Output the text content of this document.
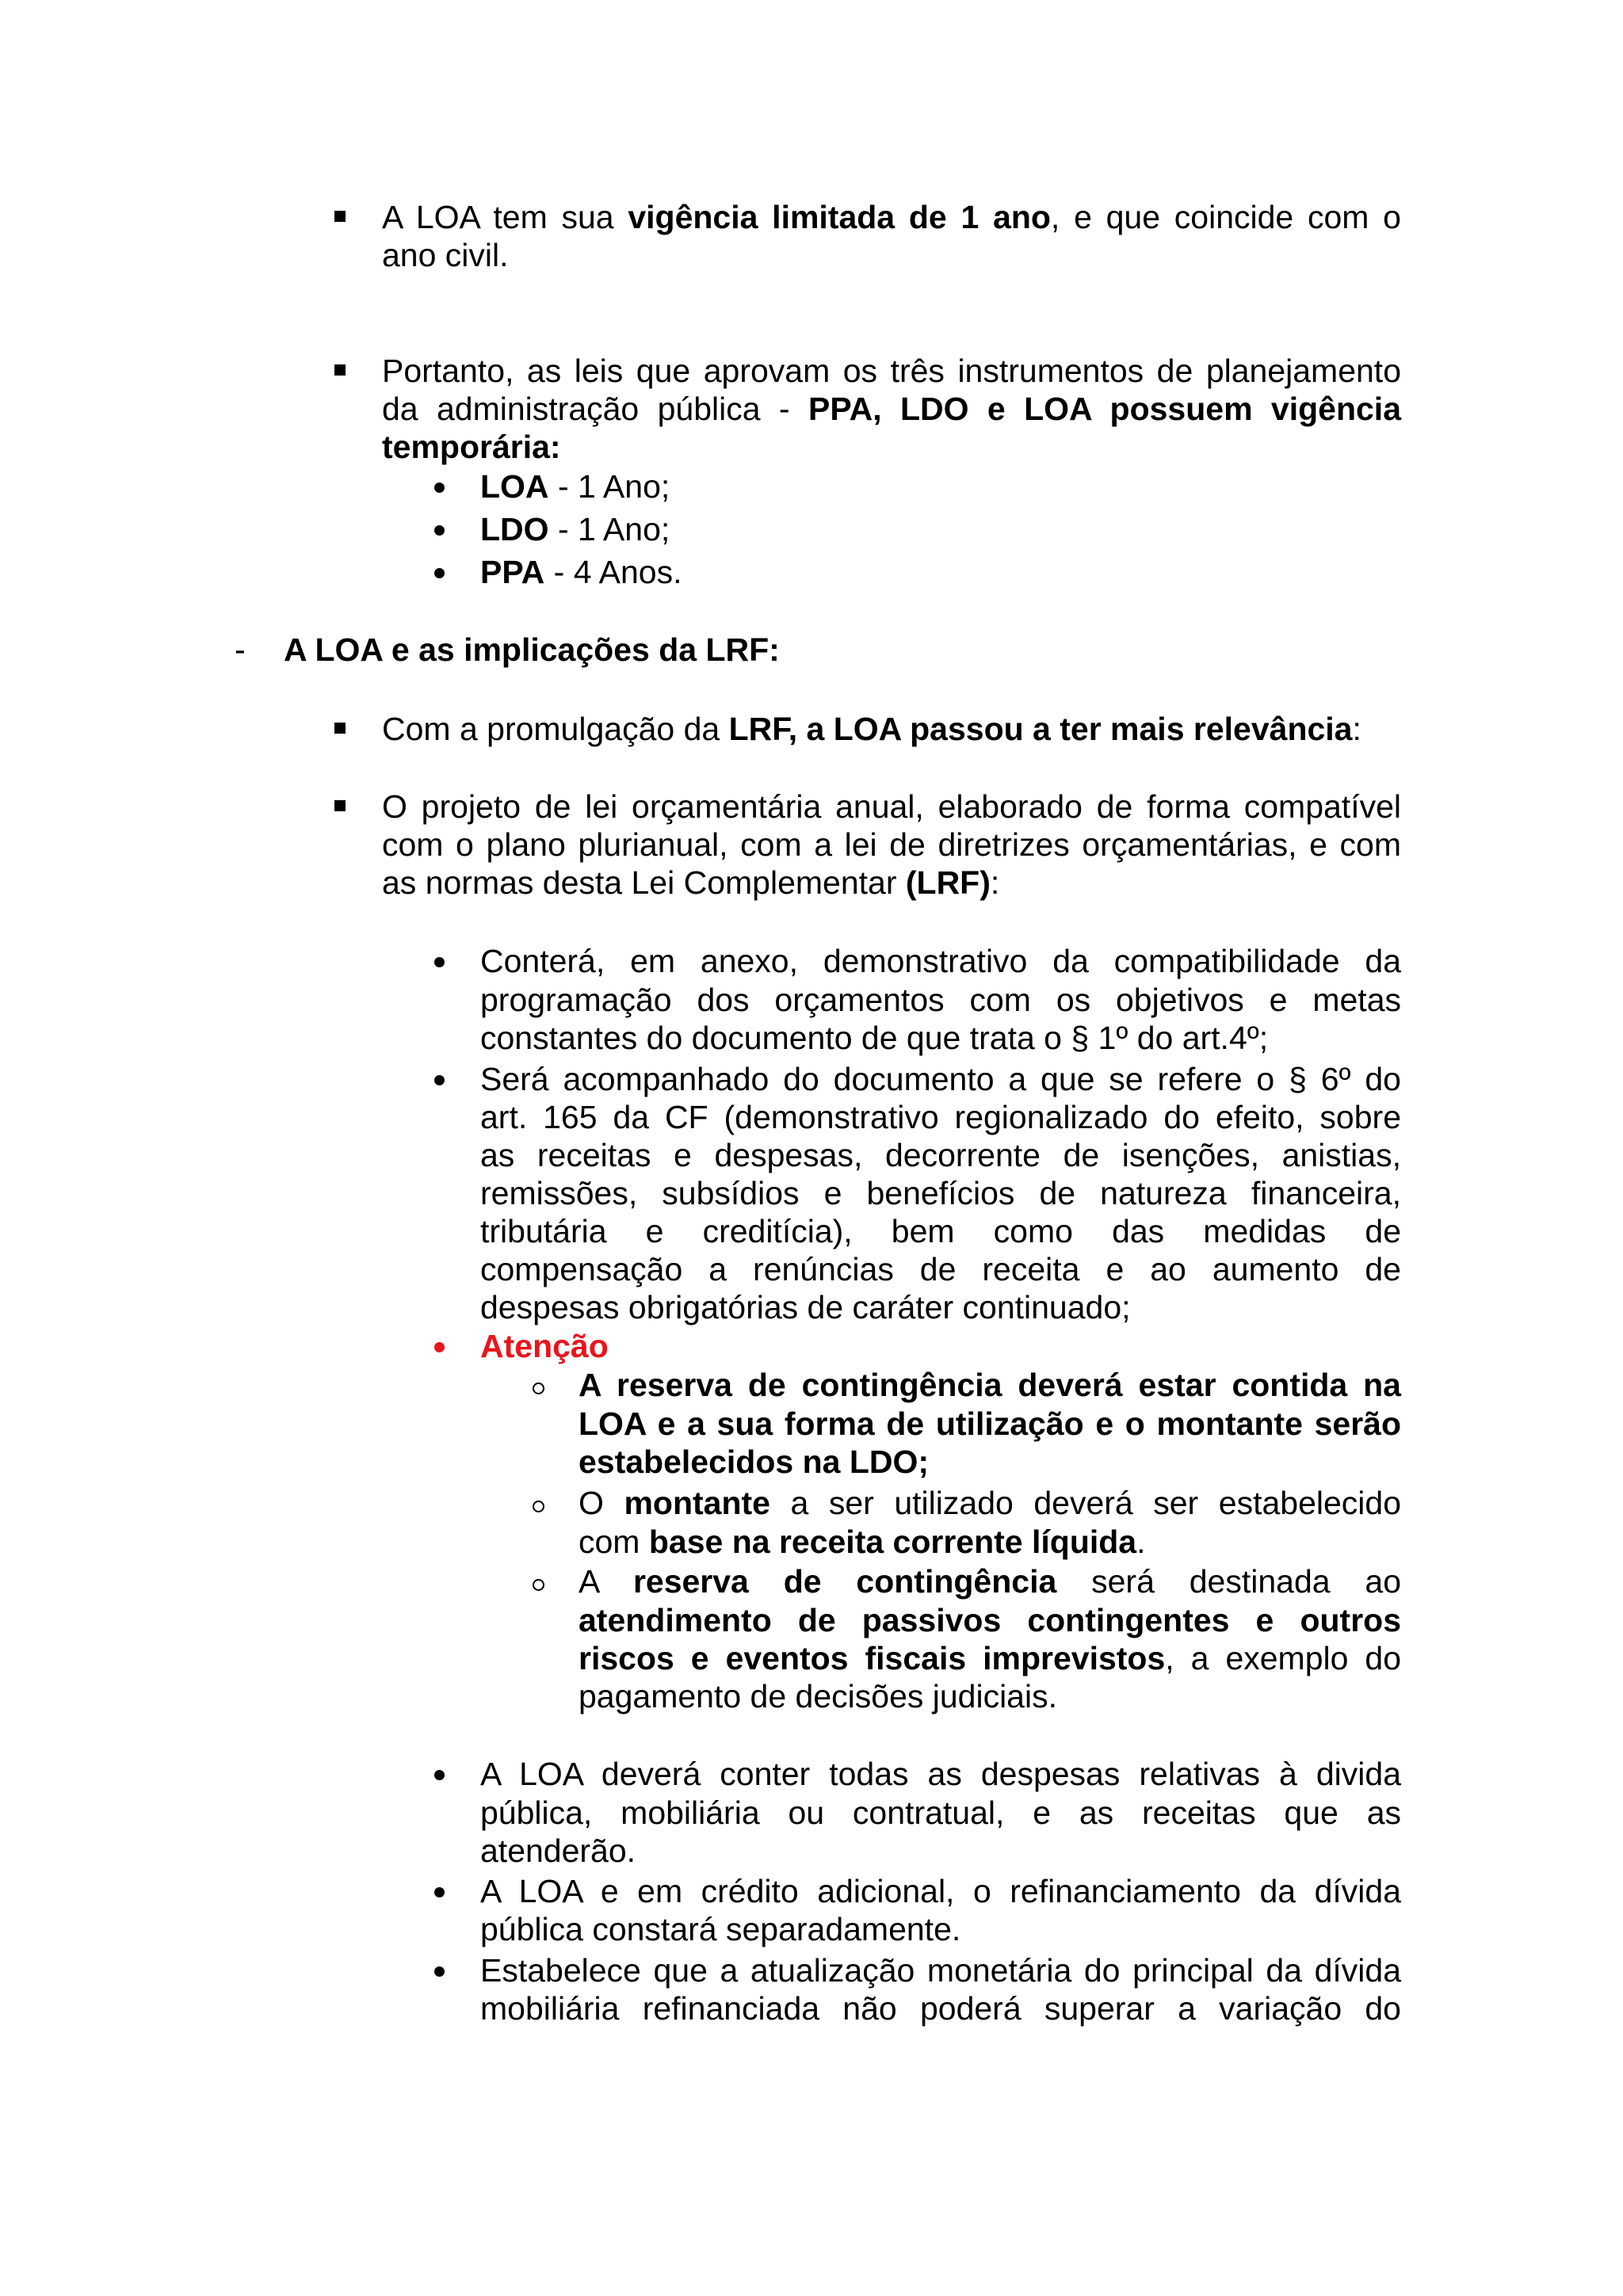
A LOA tem sua vigência limitada de 1 ano, e que coincide com o
ano civil.
Portanto, as leis que aprovam os três instrumentos de planejamento
da administração pública - PPA, LDO e LOA possuem vigência
temporária:
LOA - 1 Ano;
LDO - 1 Ano;
PPA - 4 Anos.
- A LOA e as implicações da LRF:
Com a promulgação da LRF, a LOA passou a ter mais relevância:
O projeto de lei orçamentária anual, elaborado de forma compatível
com o plano plurianual, com a lei de diretrizes orçamentárias, e com
as normas desta Lei Complementar (LRF):
Conterá, em anexo, demonstrativo da compatibilidade da
programação dos orçamentos com os objetivos e metas
constantes do documento de que trata o § 1º do art.4º;
Será acompanhado do documento a que se refere o § 6º do
art. 165 da CF (demonstrativo regionalizado do efeito, sobre
as receitas e despesas, decorrente de isenções, anistias,
remissões, subsídios e benefícios de natureza financeira,
tributária e creditícia), bem como das medidas de
compensação a renúncias de receita e ao aumento de
despesas obrigatórias de caráter continuado;
Atenção
A reserva de contingência deverá estar contida na
LOA e a sua forma de utilização e o montante serão
estabelecidos na LDO;
O montante a ser utilizado deverá ser estabelecido
com base na receita corrente líquida.
A reserva de contingência será destinada ao
atendimento de passivos contingentes e outros
riscos e eventos fiscais imprevistos, a exemplo do
pagamento de decisões judiciais.
A LOA deverá conter todas as despesas relativas à divida
pública, mobiliária ou contratual, e as receitas que as
atenderão.
A LOA e em crédito adicional, o refinanciamento da dívida
pública constará separadamente.
Estabelece que a atualização monetária do principal da dívida
mobiliária refinanciada não poderá superar a variação do
